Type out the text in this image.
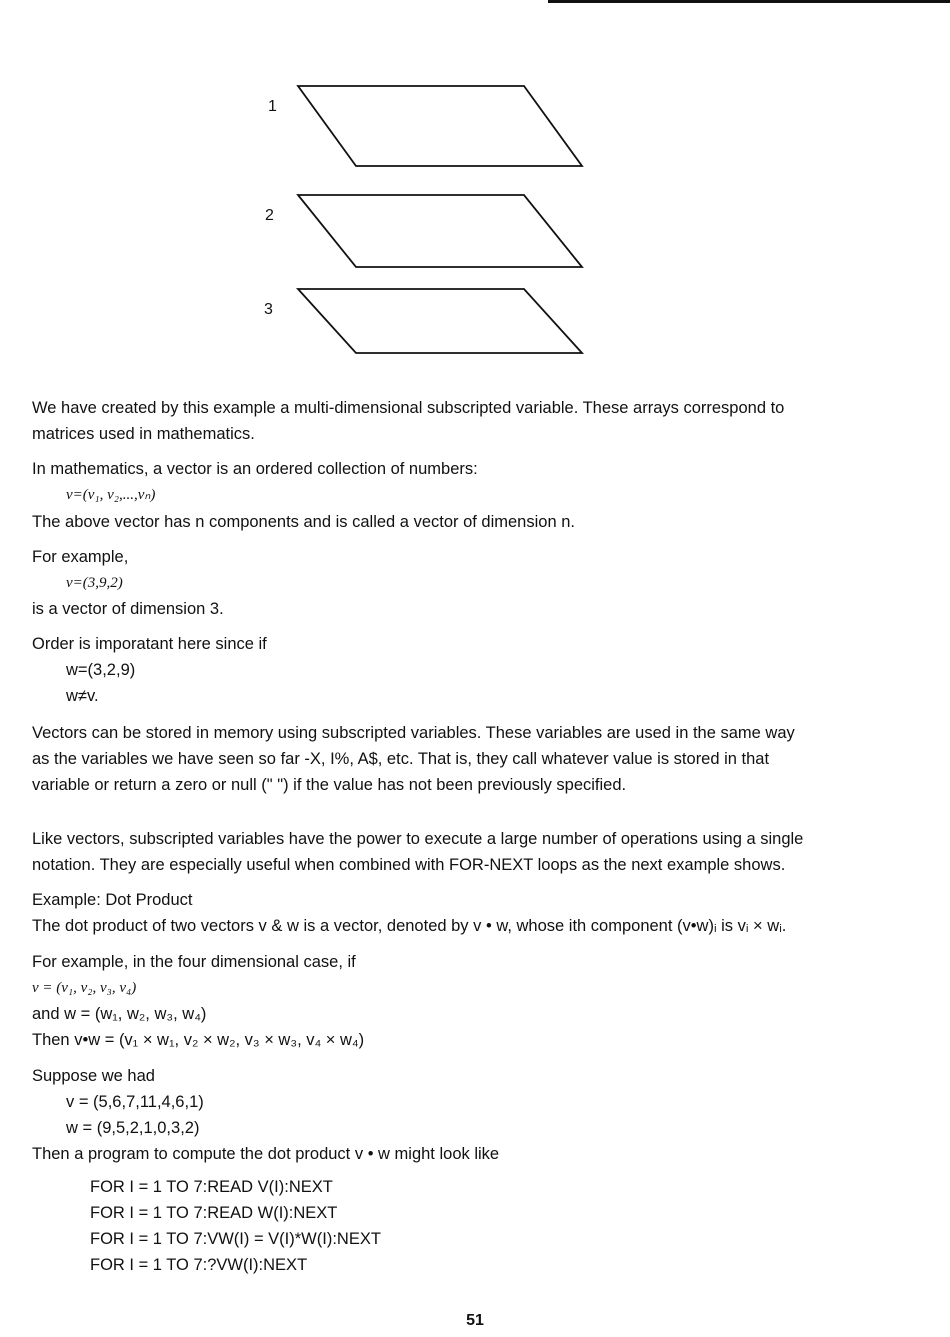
1
2
3
We have created by this example a multi-dimensional subscripted variable. These arrays correspond to
matrices used in mathematics.
In mathematics, a vector is an ordered collection of numbers:
v=(v₁, v₂,...,vₙ)
The above vector has n components and is called a vector of dimension n.
For example,
v=(3,9,2)
is a vector of dimension 3.
Order is imporatant here since if
w=(3,2,9)
w≠v.
Vectors can be stored in memory using subscripted variables. These variables are used in the same way
as the variables we have seen so far -X, I%, A$, etc. That is, they call whatever value is stored in that
variable or return a zero or null (" ") if the value has not been previously specified.
Like vectors, subscripted variables have the power to execute a large number of operations using a single
notation. They are especially useful when combined with FOR-NEXT loops as the next example shows.
Example: Dot Product
The dot product of two vectors v & w is a vector, denoted by v • w, whose ith component (v•w)ᵢ is vᵢ × wᵢ.
For example, in the four dimensional case, if
v = (v₁, v₂, v₃, v₄)
and w = (w₁, w₂, w₃, w₄)
Then v•w = (v₁ × w₁, v₂ × w₂, v₃ × w₃, v₄ × w₄)
Suppose we had
v = (5,6,7,11,4,6,1)
w = (9,5,2,1,0,3,2)
Then a program to compute the dot product v • w might look like
FOR I = 1 TO 7:READ V(I):NEXT
FOR I = 1 TO 7:READ W(I):NEXT
FOR I = 1 TO 7:VW(I) = V(I)*W(I):NEXT
FOR I = 1 TO 7:?VW(I):NEXT
51
